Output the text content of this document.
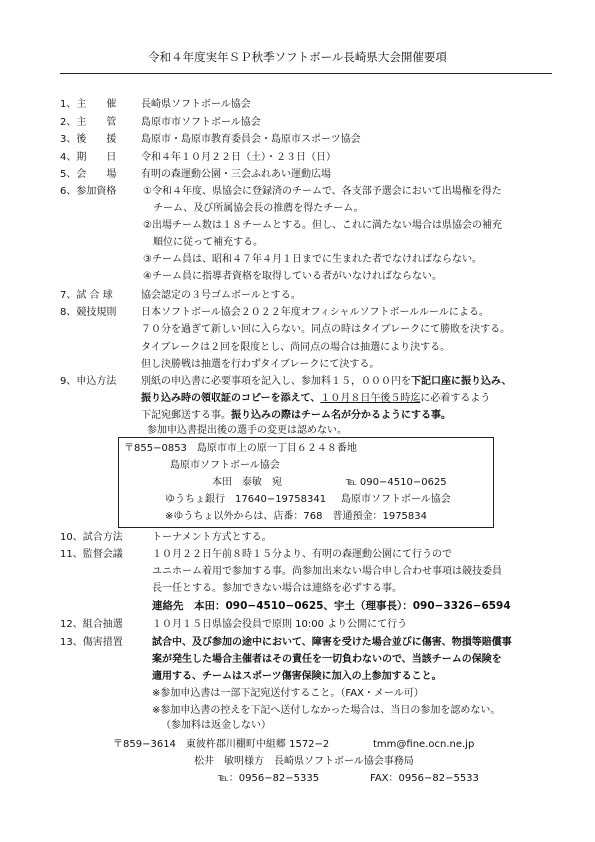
令和４年度実年ＳＰ秋季ソフトボール長崎県大会開催要項
1、主　　催 長崎県ソフトボール協会
2、主　　管 島原市市ソフトボール協会
3、後　　援 島原市・島原市教育委員会・島原市スポーツ協会
4、期　　日 令和４年１０月２２日（土）・２３日（日）
5、会　　場 有明の森運動公園・三会ふれあい運動広場
6、参加資格	①令和４年度、県協会に登録済のチームで、各支部予選会において出場権を得た
チーム、及び所属協会長の推薦を得たチーム。
②出場チーム数は１８チームとする。但し、これに満たない場合は県協会の補充
順位に従って補充する。
③チーム員は、昭和４７年４月１日までに生まれた者でなければならない。
④チーム員に指導者資格を取得している者がいなければならない。
7、試 合 球	協会認定の３号ゴムボールとする。
8、競技規則 日本ソフトボール協会２０２２年度オフィシャルソフトボールルールによる。
７０分を過ぎて新しい回に入らない。同点の時はタイブレークにて勝敗を決する。
タイブレークは２回を限度とし、尚同点の場合は抽選により決する。
但し決勝戦は抽選を行わずタイブレークにて決する。
9、申込方法 別紙の申込書に必要事項を記入し、参加料１５，０００円を下記口座に振り込み、
振り込み時の領収証のコピーを添えて、１０月８日午後５時迄に必着するよう
下記宛郵送する事。振り込みの際はチーム名が分かるようにする事。
参加申込書提出後の選手の変更は認めない。
〒855−0853　島原市市上の原一丁目６２４８番地
島原市ソフトボール協会
本田　泰敏　宛	℡ 090−4510−0625
ゆうちょ銀行　17640−19758341 島原市ソフトボール協会
※ゆうちょ以外からは、店番：768　普通預金：1975834
10、試合方法	トーナメント方式とする。
11、監督会議	１０月２２日午前８時１５分より、有明の森運動公園にて行うので
ユニホーム着用で参加する事。尚参加出来ない場合申し合わせ事項は競技委員
長一任とする。参加できない場合は連絡を必ずする事。
連絡先　本田：090−4510−0625、宇土（理事長）：090−3326−6594
12、組合抽選	１０月１５日県協会役員で原則 10:00 より公開にて行う
13、傷害措置	試合中、及び参加の途中において、障害を受けた場合並びに傷害、物損等賠償事
案が発生した場合主催者はその責任を一切負わないので、当該チームの保険を
適用する、チームはスポーツ傷害保険に加入の上参加すること。
※参加申込書は一部下記宛送付すること。（FAX・メール可）
※参加申込書の控えを下記へ送付しなかった場合は、当日の参加を認めない。
（参加料は返金しない）
〒859−3614　東彼杵郡川棚町中組郷 1572−2	tmm@fine.ocn.ne.jp
松井　敏明様方　長崎県ソフトボール協会事務局
℡：0956−82−5335	FAX：0956−82−5533
